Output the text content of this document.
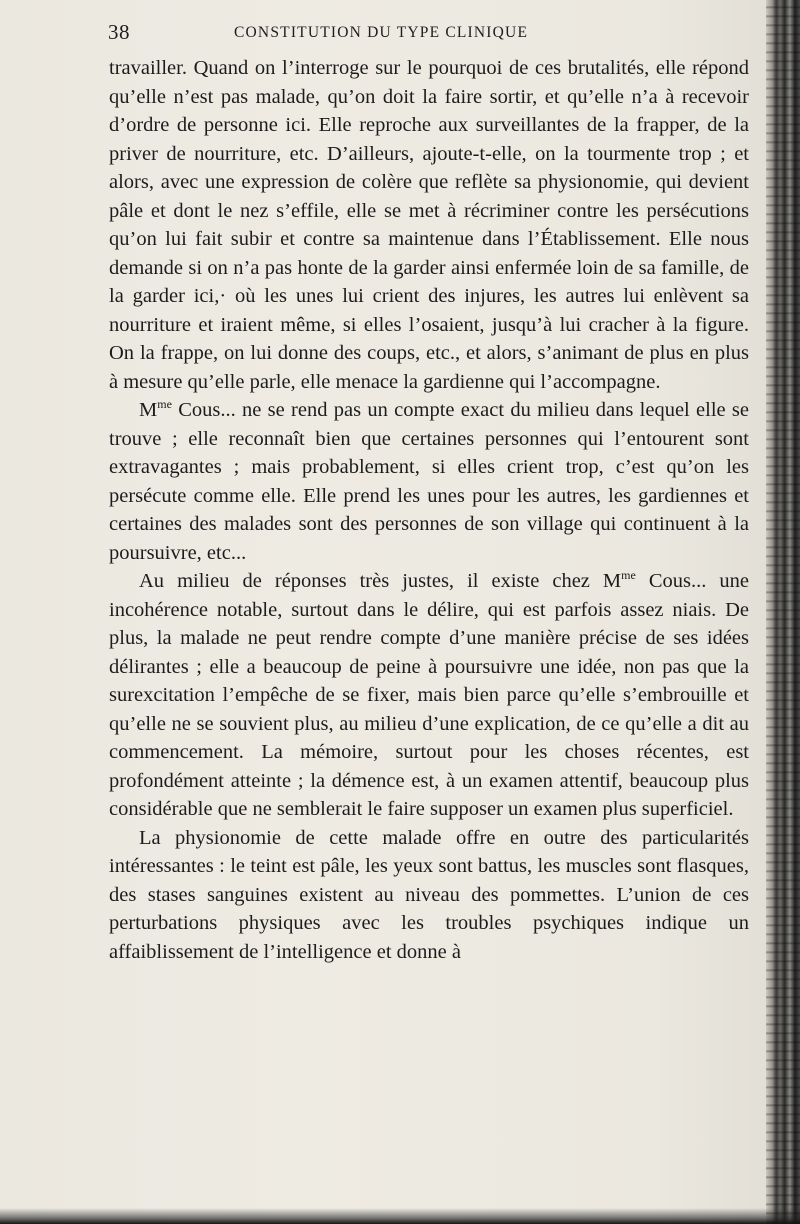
38	CONSTITUTION DU TYPE CLINIQUE

travailler. Quand on l’interroge sur le pourquoi de ces brutalités, elle répond qu’elle n’est pas malade, qu’on doit la faire sortir, et qu’elle n’a à recevoir d’ordre de personne ici. Elle reproche aux surveillantes de la frapper, de la priver de nourriture, etc. D’ailleurs, ajoute-t-elle, on la tourmente trop ; et alors, avec une expression de colère que reflète sa physionomie, qui devient pâle et dont le nez s’effile, elle se met à récriminer contre les persécutions qu’on lui fait subir et contre sa maintenue dans l’Établissement. Elle nous demande si on n’a pas honte de la garder ainsi enfermée loin de sa famille, de la garder ici,· où les unes lui crient des injures, les autres lui enlèvent sa nourriture et iraient même, si elles l’osaient, jusqu’à lui cracher à la figure. On la frappe, on lui donne des coups, etc., et alors, s’animant de plus en plus à mesure qu’elle parle, elle menace la gardienne qui l’accompagne.

$M^{me}$ Cous... ne se rend pas un compte exact du milieu dans lequel elle se trouve ; elle reconnaît bien que certaines personnes qui l’entourent sont extravagantes ; mais probablement, si elles crient trop, c’est qu’on les persécute comme elle. Elle prend les unes pour les autres, les gardiennes et certaines des malades sont des personnes de son village qui continuent à la poursuivre, etc...

Au milieu de réponses très justes, il existe chez $M^{me}$ Cous... une incohérence notable, surtout dans le délire, qui est parfois assez niais. De plus, la malade ne peut rendre compte d’une manière précise de ses idées délirantes ; elle a beaucoup de peine à poursuivre une idée, non pas que la surexcitation l’empêche de se fixer, mais bien parce qu’elle s’embrouille et qu’elle ne se souvient plus, au milieu d’une explication, de ce qu’elle a dit au commencement. La mémoire, surtout pour les choses récentes, est profondément atteinte ; la démence est, à un examen attentif, beaucoup plus considérable que ne semblerait le faire supposer un examen plus superficiel.

La physionomie de cette malade offre en outre des particularités intéressantes : le teint est pâle, les yeux sont battus, les muscles sont flasques, des stases sanguines existent au niveau des pommettes. L’union de ces perturbations physiques avec les troubles psychiques indique un affaiblissement de l’intelligence et donne à
